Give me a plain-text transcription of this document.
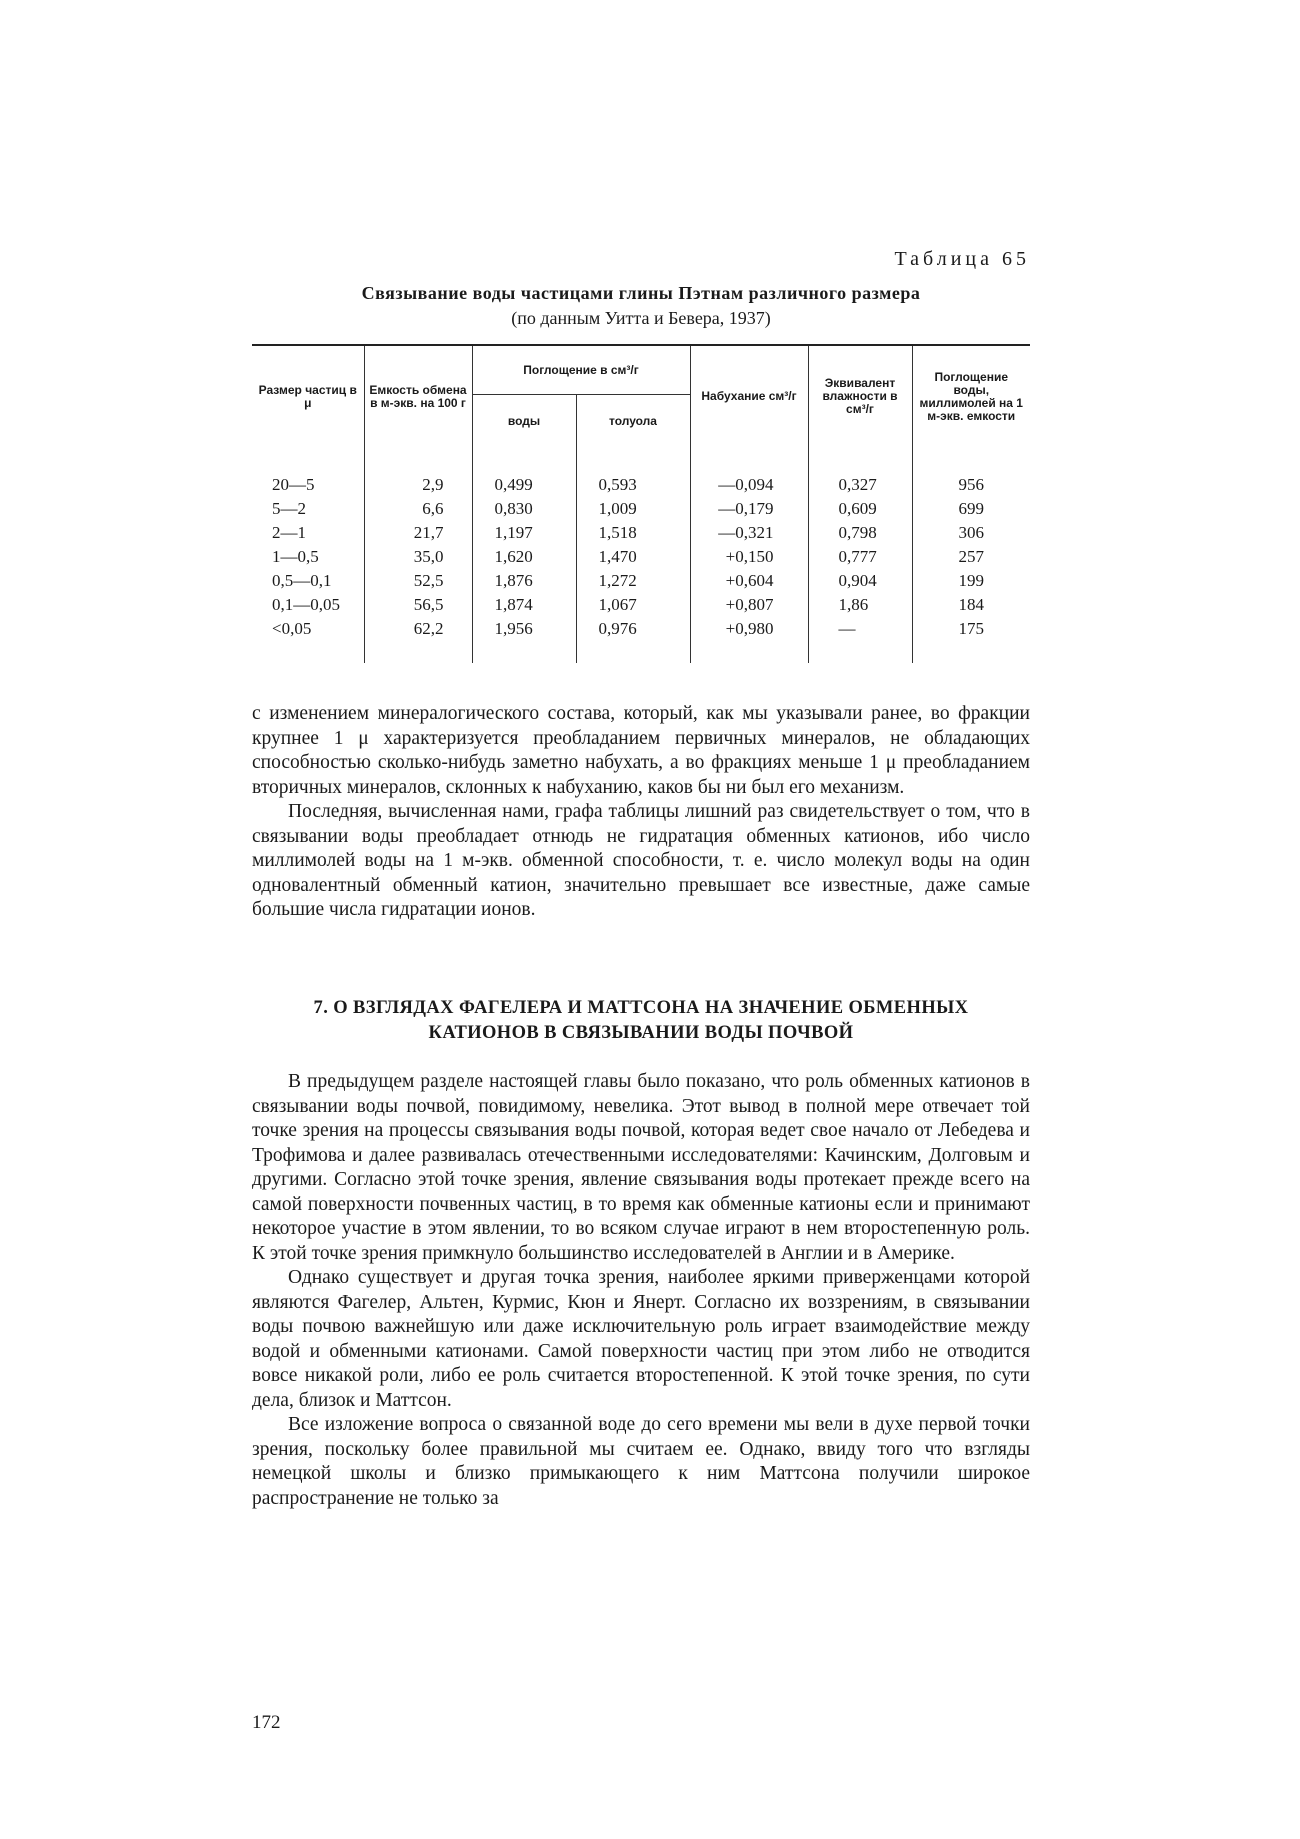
Таблица 65
Связывание воды частицами глины Пэтнам различного размера
(по данным Уитта и Бевера, 1937)
Размер частиц в μ	Емкость обмена в м-экв. на 100 г	Поглощение в см³/г		Набухание см³/г	Эквивалент влажности в см³/г	Поглощение воды, миллимолей на 1 м-экв. емкости
		воды	толуола			
20—5	2,9	0,499	0,593	—0,094	0,327	956
5—2	6,6	0,830	1,009	—0,179	0,609	699
2—1	21,7	1,197	1,518	—0,321	0,798	306
1—0,5	35,0	1,620	1,470	+0,150	0,777	257
0,5—0,1	52,5	1,876	1,272	+0,604	0,904	199
0,1—0,05	56,5	1,874	1,067	+0,807	1,86	184
<0,05	62,2	1,956	0,976	+0,980	—	175

с изменением минералогического состава, который, как мы указывали ранее, во фракции крупнее 1 μ характеризуется преобладанием первичных минералов, не обладающих способностью сколько-нибудь заметно набухать, а во фракциях меньше 1 μ преобладанием вторичных минералов, склонных к набуханию, каков бы ни был его механизм.

Последняя, вычисленная нами, графа таблицы лишний раз свидетельствует о том, что в связывании воды преобладает отнюдь не гидратация обменных катионов, ибо число миллимолей воды на 1 м-экв. обменной способности, т. е. число молекул воды на один одновалентный обменный катион, значительно превышает все известные, даже самые большие числа гидратации ионов.

7. О ВЗГЛЯДАХ ФАГЕЛЕРА И МАТТСОНА НА ЗНАЧЕНИЕ ОБМЕННЫХ
КАТИОНОВ В СВЯЗЫВАНИИ ВОДЫ ПОЧВОЙ

В предыдущем разделе настоящей главы было показано, что роль обменных катионов в связывании воды почвой, повидимому, невелика. Этот вывод в полной мере отвечает той точке зрения на процессы связывания воды почвой, которая ведет свое начало от Лебедева и Трофимова и далее развивалась отечественными исследователями: Качинским, Долговым и другими. Согласно этой точке зрения, явление связывания воды протекает прежде всего на самой поверхности почвенных частиц, в то время как обменные катионы если и принимают некоторое участие в этом явлении, то во всяком случае играют в нем второстепенную роль. К этой точке зрения примкнуло большинство исследователей в Англии и в Америке.

Однако существует и другая точка зрения, наиболее яркими приверженцами которой являются Фагелер, Альтен, Курмис, Кюн и Янерт. Согласно их воззрениям, в связывании воды почвою важнейшую или даже исключительную роль играет взаимодействие между водой и обменными катионами. Самой поверхности частиц при этом либо не отводится вовсе никакой роли, либо ее роль считается второстепенной. К этой точке зрения, по сути дела, близок и Маттсон.

Все изложение вопроса о связанной воде до сего времени мы вели в духе первой точки зрения, поскольку более правильной мы считаем ее. Однако, ввиду того что взгляды немецкой школы и близко примыкающего к ним Маттсона получили широкое распространение не только за

172
